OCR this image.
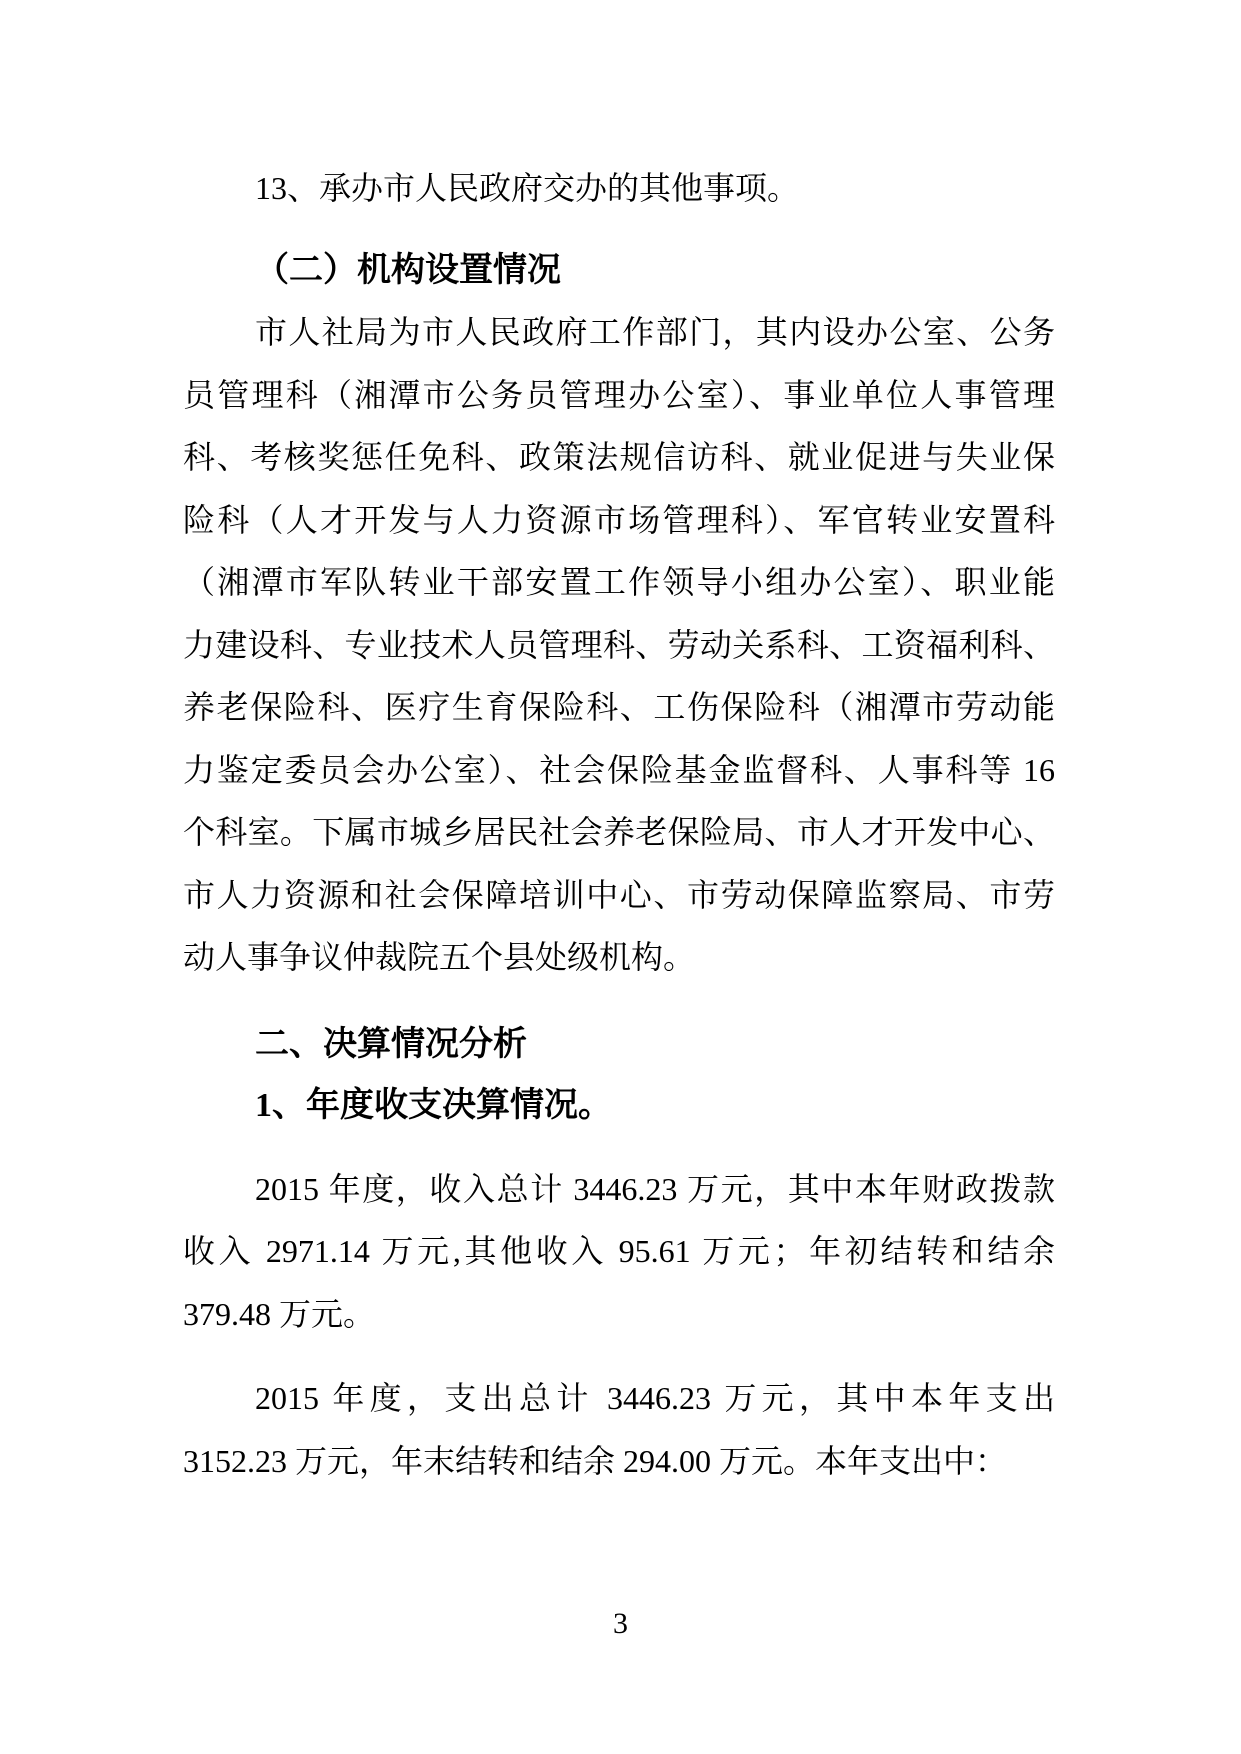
13、承办市人民政府交办的其他事项。
（二）机构设置情况
市人社局为市人民政府工作部门，其内设办公室、公务
员管理科（湘潭市公务员管理办公室）、事业单位人事管理
科、考核奖惩任免科、政策法规信访科、就业促进与失业保
险科（人才开发与人力资源市场管理科）、军官转业安置科
（湘潭市军队转业干部安置工作领导小组办公室）、职业能
力建设科、专业技术人员管理科、劳动关系科、工资福利科、
养老保险科、医疗生育保险科、工伤保险科（湘潭市劳动能
力鉴定委员会办公室）、社会保险基金监督科、人事科等 16
个科室。下属市城乡居民社会养老保险局、市人才开发中心、
市人力资源和社会保障培训中心、市劳动保障监察局、市劳
动人事争议仲裁院五个县处级机构。
二、决算情况分析
1、年度收支决算情况。
2015 年度，收入总计 3446.23 万元，其中本年财政拨款
收入 2971.14 万元,其他收入 95.61 万元；年初结转和结余
379.48 万元。
2015 年度，支出总计 3446.23 万元，其中本年支出
3152.23 万元，年末结转和结余 294.00 万元。本年支出中：
3
